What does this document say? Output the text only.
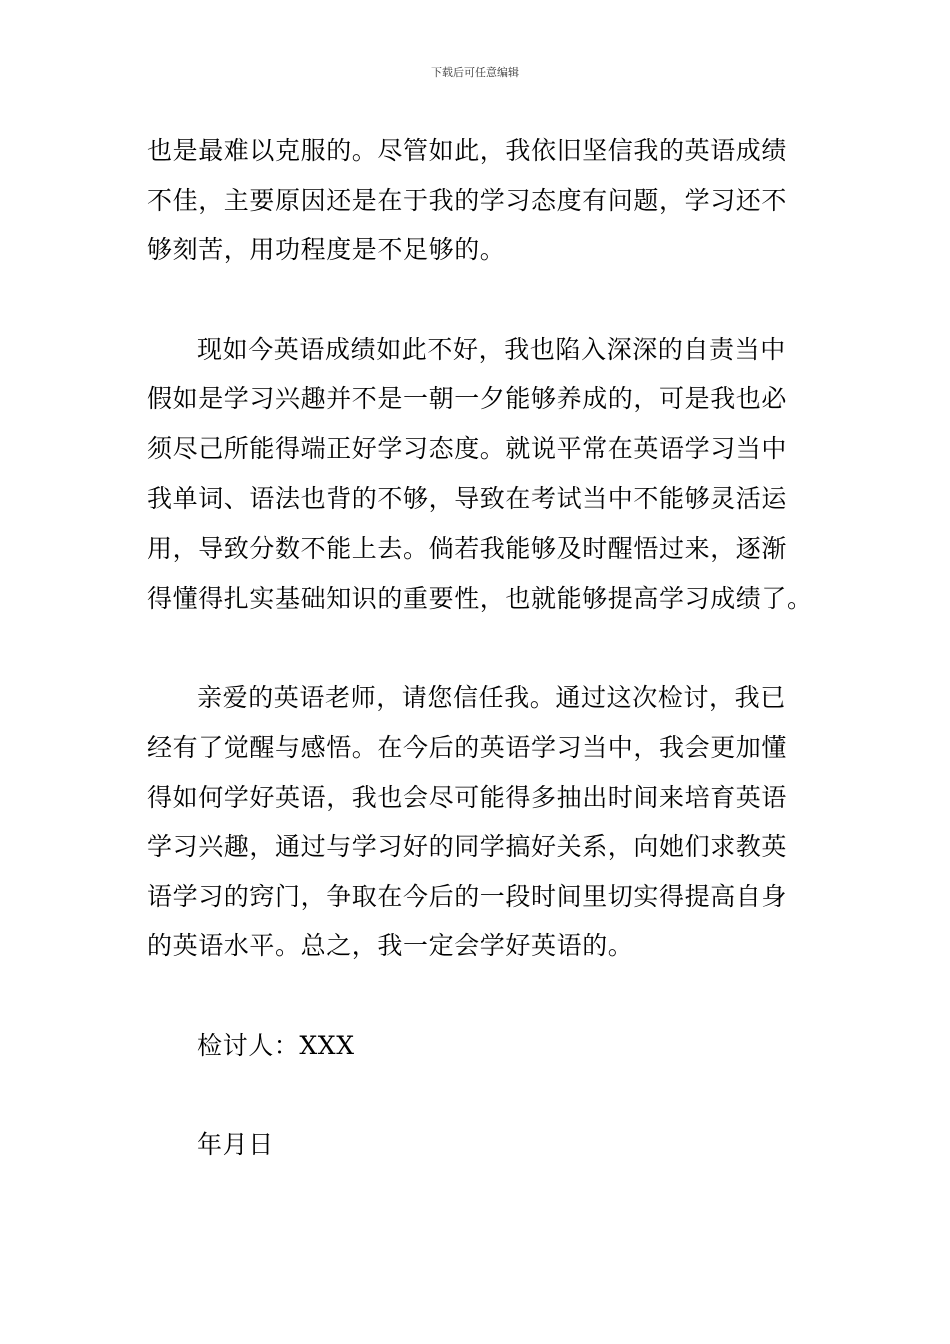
下载后可任意编辑
也是最难以克服的。尽管如此，我依旧坚信我的英语成绩
不佳，主要原因还是在于我的学习态度有问题，学习还不
够刻苦，用功程度是不足够的。
现如今英语成绩如此不好，我也陷入深深的自责当中
假如是学习兴趣并不是一朝一夕能够养成的，可是我也必
须尽己所能得端正好学习态度。就说平常在英语学习当中
我单词、语法也背的不够，导致在考试当中不能够灵活运
用，导致分数不能上去。倘若我能够及时醒悟过来，逐渐
得懂得扎实基础知识的重要性，也就能够提高学习成绩了。
亲爱的英语老师，请您信任我。通过这次检讨，我已
经有了觉醒与感悟。在今后的英语学习当中，我会更加懂
得如何学好英语，我也会尽可能得多抽出时间来培育英语
学习兴趣，通过与学习好的同学搞好关系，向她们求教英
语学习的窍门，争取在今后的一段时间里切实得提高自身
的英语水平。总之，我一定会学好英语的。
检讨人：XXX
年月日
